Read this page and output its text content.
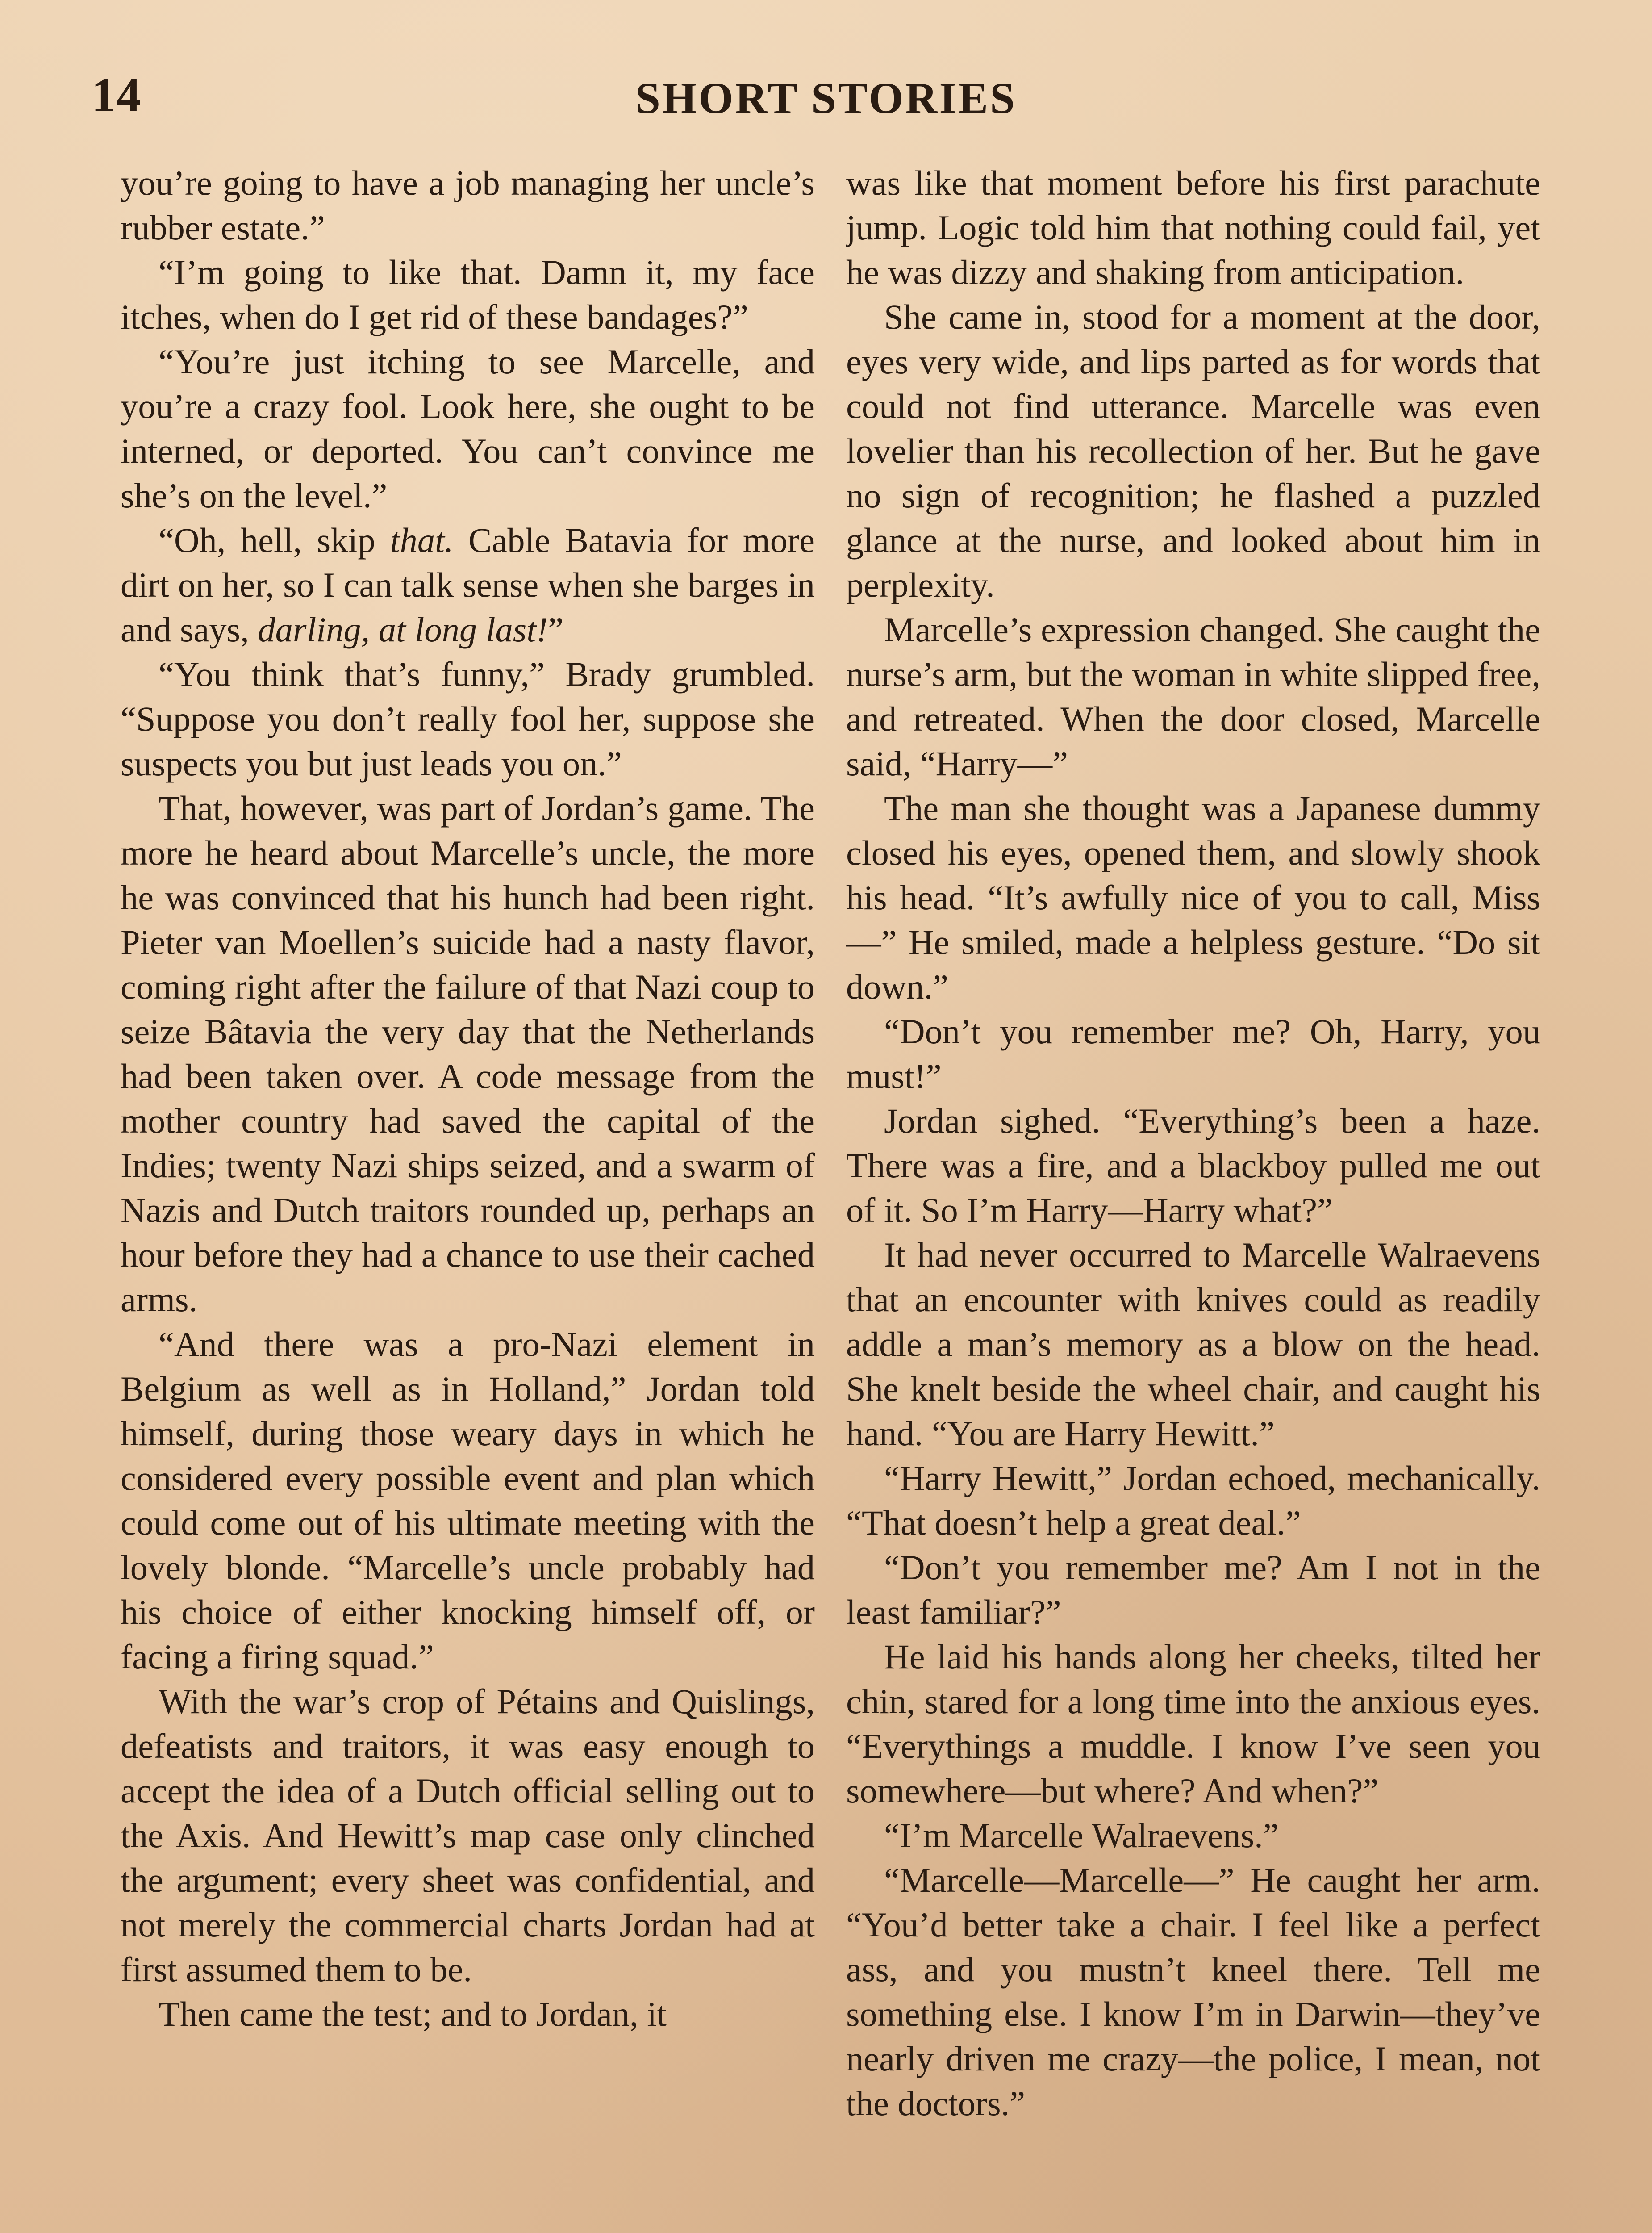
14	SHORT STORIES

you’re going to have a job managing her uncle’s rubber estate.”

“I’m going to like that. Damn it, my face itches, when do I get rid of these bandages?”

“You’re just itching to see Marcelle, and you’re a crazy fool. Look here, she ought to be interned, or deported. You can’t convince me she’s on the level.”

“Oh, hell, skip that. Cable Batavia for more dirt on her, so I can talk sense when she barges in and says, darling, at long last!”

“You think that’s funny,” Brady grumbled. “Suppose you don’t really fool her, suppose she suspects you but just leads you on.”

That, however, was part of Jordan’s game. The more he heard about Marcelle’s uncle, the more he was convinced that his hunch had been right. Pieter van Moellen’s suicide had a nasty flavor, coming right after the failure of that Nazi coup to seize Bâtavia the very day that the Netherlands had been taken over. A code message from the mother country had saved the capital of the Indies; twenty Nazi ships seized, and a swarm of Nazis and Dutch traitors rounded up, perhaps an hour before they had a chance to use their cached arms.

“And there was a pro-Nazi element in Belgium as well as in Holland,” Jordan told himself, during those weary days in which he considered every possible event and plan which could come out of his ultimate meeting with the lovely blonde. “Marcelle’s uncle probably had his choice of either knocking himself off, or facing a firing squad.”

With the war’s crop of Pétains and Quislings, defeatists and traitors, it was easy enough to accept the idea of a Dutch official selling out to the Axis. And Hewitt’s map case only clinched the argument; every sheet was confidential, and not merely the commercial charts Jordan had at first assumed them to be.

Then came the test; and to Jordan, it

was like that moment before his first parachute jump. Logic told him that nothing could fail, yet he was dizzy and shaking from anticipation.

She came in, stood for a moment at the door, eyes very wide, and lips parted as for words that could not find utterance. Marcelle was even lovelier than his recollection of her. But he gave no sign of recognition; he flashed a puzzled glance at the nurse, and looked about him in perplexity.

Marcelle’s expression changed. She caught the nurse’s arm, but the woman in white slipped free, and retreated. When the door closed, Marcelle said, “Harry—”

The man she thought was a Japanese dummy closed his eyes, opened them, and slowly shook his head. “It’s awfully nice of you to call, Miss—” He smiled, made a helpless gesture. “Do sit down.”

“Don’t you remember me? Oh, Harry, you must!”

Jordan sighed. “Everything’s been a haze. There was a fire, and a blackboy pulled me out of it. So I’m Harry—Harry what?”

It had never occurred to Marcelle Walraevens that an encounter with knives could as readily addle a man’s memory as a blow on the head. She knelt beside the wheel chair, and caught his hand. “You are Harry Hewitt.”

“Harry Hewitt,” Jordan echoed, mechanically. “That doesn’t help a great deal.”

“Don’t you remember me? Am I not in the least familiar?”

He laid his hands along her cheeks, tilted her chin, stared for a long time into the anxious eyes. “Everythings a muddle. I know I’ve seen you somewhere—but where? And when?”

“I’m Marcelle Walraevens.”

“Marcelle—Marcelle—” He caught her arm. “You’d better take a chair. I feel like a perfect ass, and you mustn’t kneel there. Tell me something else. I know I’m in Darwin—they’ve nearly driven me crazy—the police, I mean, not the doctors.”
